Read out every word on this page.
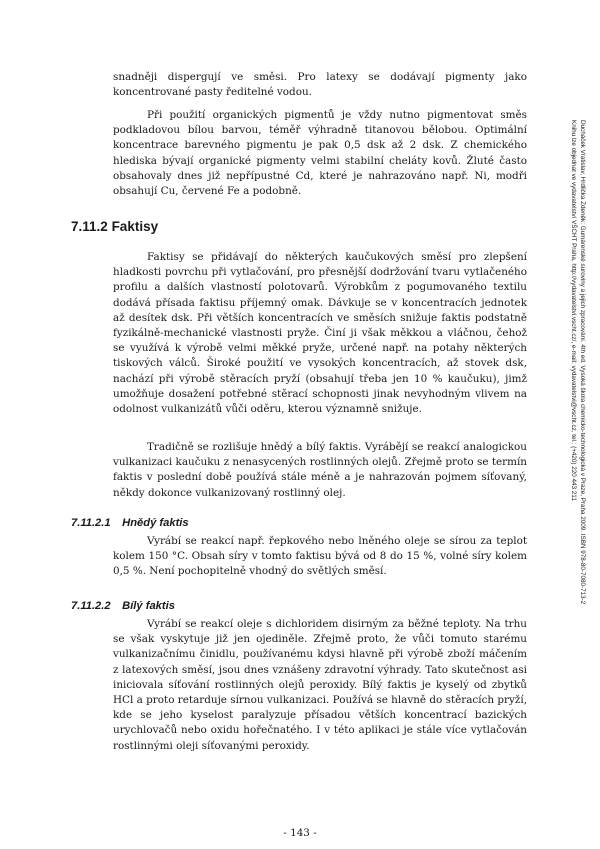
snadněji dispergují ve směsi. Pro latexy se dodávají pigmenty jako koncentrované pasty ředitelné vodou.

Při použití organických pigmentů je vždy nutno pigmentovat směs podkladovou bílou barvou, téměř výhradně titanovou bělobou. Optimální koncentrace barevného pigmentu je pak 0,5 dsk až 2 dsk. Z chemického hlediska bývají organické pigmenty velmi stabilní cheláty kovů. Žluté často obsahovaly dnes již nepřípustné Cd, které je nahrazováno např. Ni, modři obsahují Cu, červené Fe a podobně.

7.11.2 Faktisy

Faktisy se přidávají do některých kaučukových směsí pro zlepšení hladkosti povrchu při vytlačování, pro přesnější dodržování tvaru vytlačeného profilu a dalších vlastností polotovarů. Výrobkům z pogumovaného textilu dodává přísada faktisu příjemný omak. Dávkuje se v koncentracích jednotek až desítek dsk. Při větších koncentracích ve směsích snižuje faktis podstatně fyzikálně-mechanické vlastnosti pryže. Činí ji však měkkou a vláčnou, čehož se využívá k výrobě velmi měkké pryže, určené např. na potahy některých tiskových válců. Široké použití ve vysokých koncentracích, až stovek dsk, nachází při výrobě stěracích pryží (obsahují třeba jen 10 % kaučuku), jimž umožňuje dosažení potřebné stěrací schopnosti jinak nevyhodným vlivem na odolnost vulkanizátů vůči oděru, kterou významně snižuje.

Tradičně se rozlišuje hnědý a bílý faktis. Vyrábějí se reakcí analogickou vulkanizaci kaučuku z nenasycených rostlinných olejů. Zřejmě proto se termín faktis v poslední době používá stále méně a je nahrazován pojmem síťovaný, někdy dokonce vulkanizovaný rostlinný olej.

7.11.2.1 Hnědý faktis

Vyrábí se reakcí např. řepkového nebo lněného oleje se sírou za teplot kolem 150 °C. Obsah síry v tomto faktisu bývá od 8 do 15 %, volné síry kolem 0,5 %. Není pochopitelně vhodný do světlých směsí.

7.11.2.2 Bílý faktis

Vyrábí se reakcí oleje s dichloridem disirným za běžné teploty. Na trhu se však vyskytuje již jen ojediněle. Zřejmě proto, že vůči tomuto starému vulkanizačnímu činidlu, používanému kdysi hlavně při výrobě zboží máčením z latexových směsí, jsou dnes vznášeny zdravotní výhrady. Tato skutečnost asi iniciovala síťování rostlinných olejů peroxidy. Bílý faktis je kyselý od zbytků HCl a proto retarduje sírnou vulkanizaci. Používá se hlavně do stěracích pryží, kde se jeho kyselost paralyzuje přísadou větších koncentrací bazických urychlovačů nebo oxidu hořečnatého. I v této aplikaci je stále více vytlačován rostlinnými oleji síťovanými peroxidy.

- 143 -
Ducháček Vratislav, Hrdlička Zdeněk: Gumárenské suroviny a jejich zpracování. 4th ed. Vysoká škola chemicko-technologická v Praze, Praha 2009. ISBN 978-80-7080-713-2
Knihu lze objednat ve vydavatelství VŠCHT Praha, http://vydavatelstvi.vscht.cz/, e-mail: vydavatelstvi@vscht.cz, tel.: (+420) 220 443 211
